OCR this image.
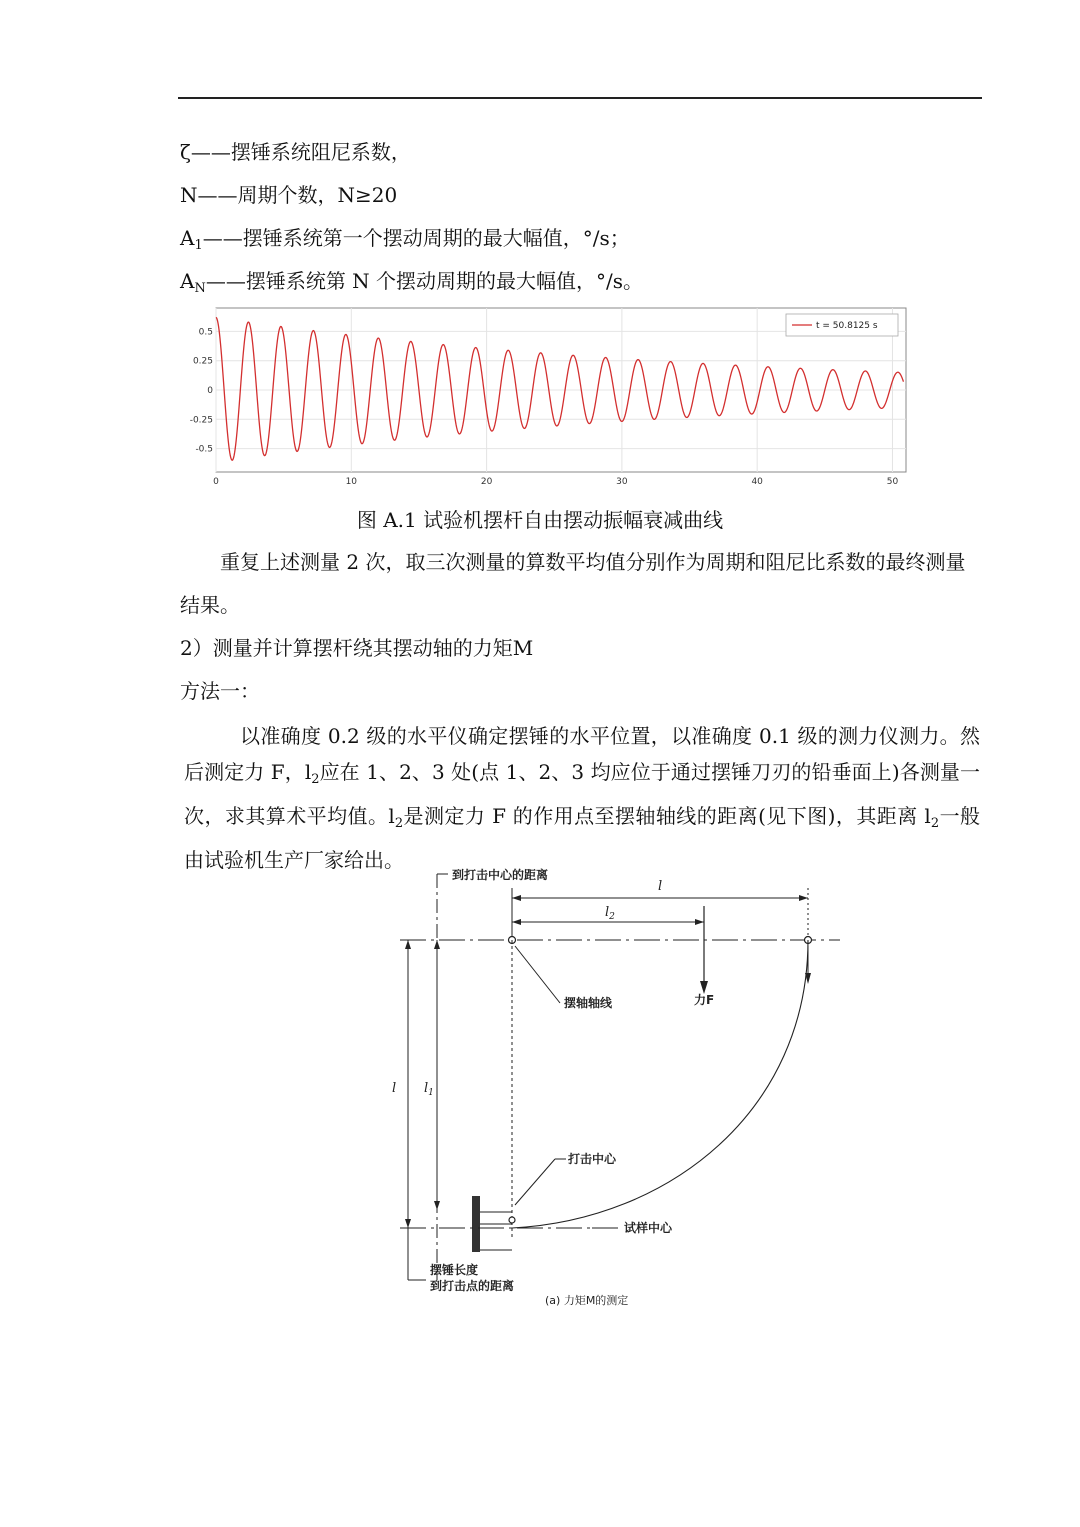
ζ——摆锤系统阻尼系数，
N——周期个数，N≥20
$A_1——$摆锤系统第一个摆动周期的最大幅值，°/s；
$A_N——$摆锤系统第 N 个摆动周期的最大幅值，°/s。
0	10	20	30	40	50
0.5
0.25
0
-0.25
-0.5
t = 50.8125 s
图 A.1 试验机摆杆自由摆动振幅衰减曲线
重复上述测量 2 次，取三次测量的算数平均值分别作为周期和阻尼比系数的最终测量结果。
2）测量并计算摆杆绕其摆动轴的力矩M
方法一：
以准确度 0.2 级的水平仪确定摆锤的水平位置，以准确度 0.1 级的测力仪测力。然后测定力 F，$l_2$应在 1、2、3 处(点 1、2、3 均应位于通过摆锤刀刃的铅垂面上)各测量一次，求其算术平均值。$l_2$是测定力 F 的作用点至摆轴轴线的距离(见下图)，其距离 $l_2$一般由试验机生产厂家给出。
到打击中心的距离
l
$l_2$
力F
l $l_1$
摆轴轴线
打击中心
试样中心
摆锤长度
到打击点的距离
(a) 力矩M的测定
